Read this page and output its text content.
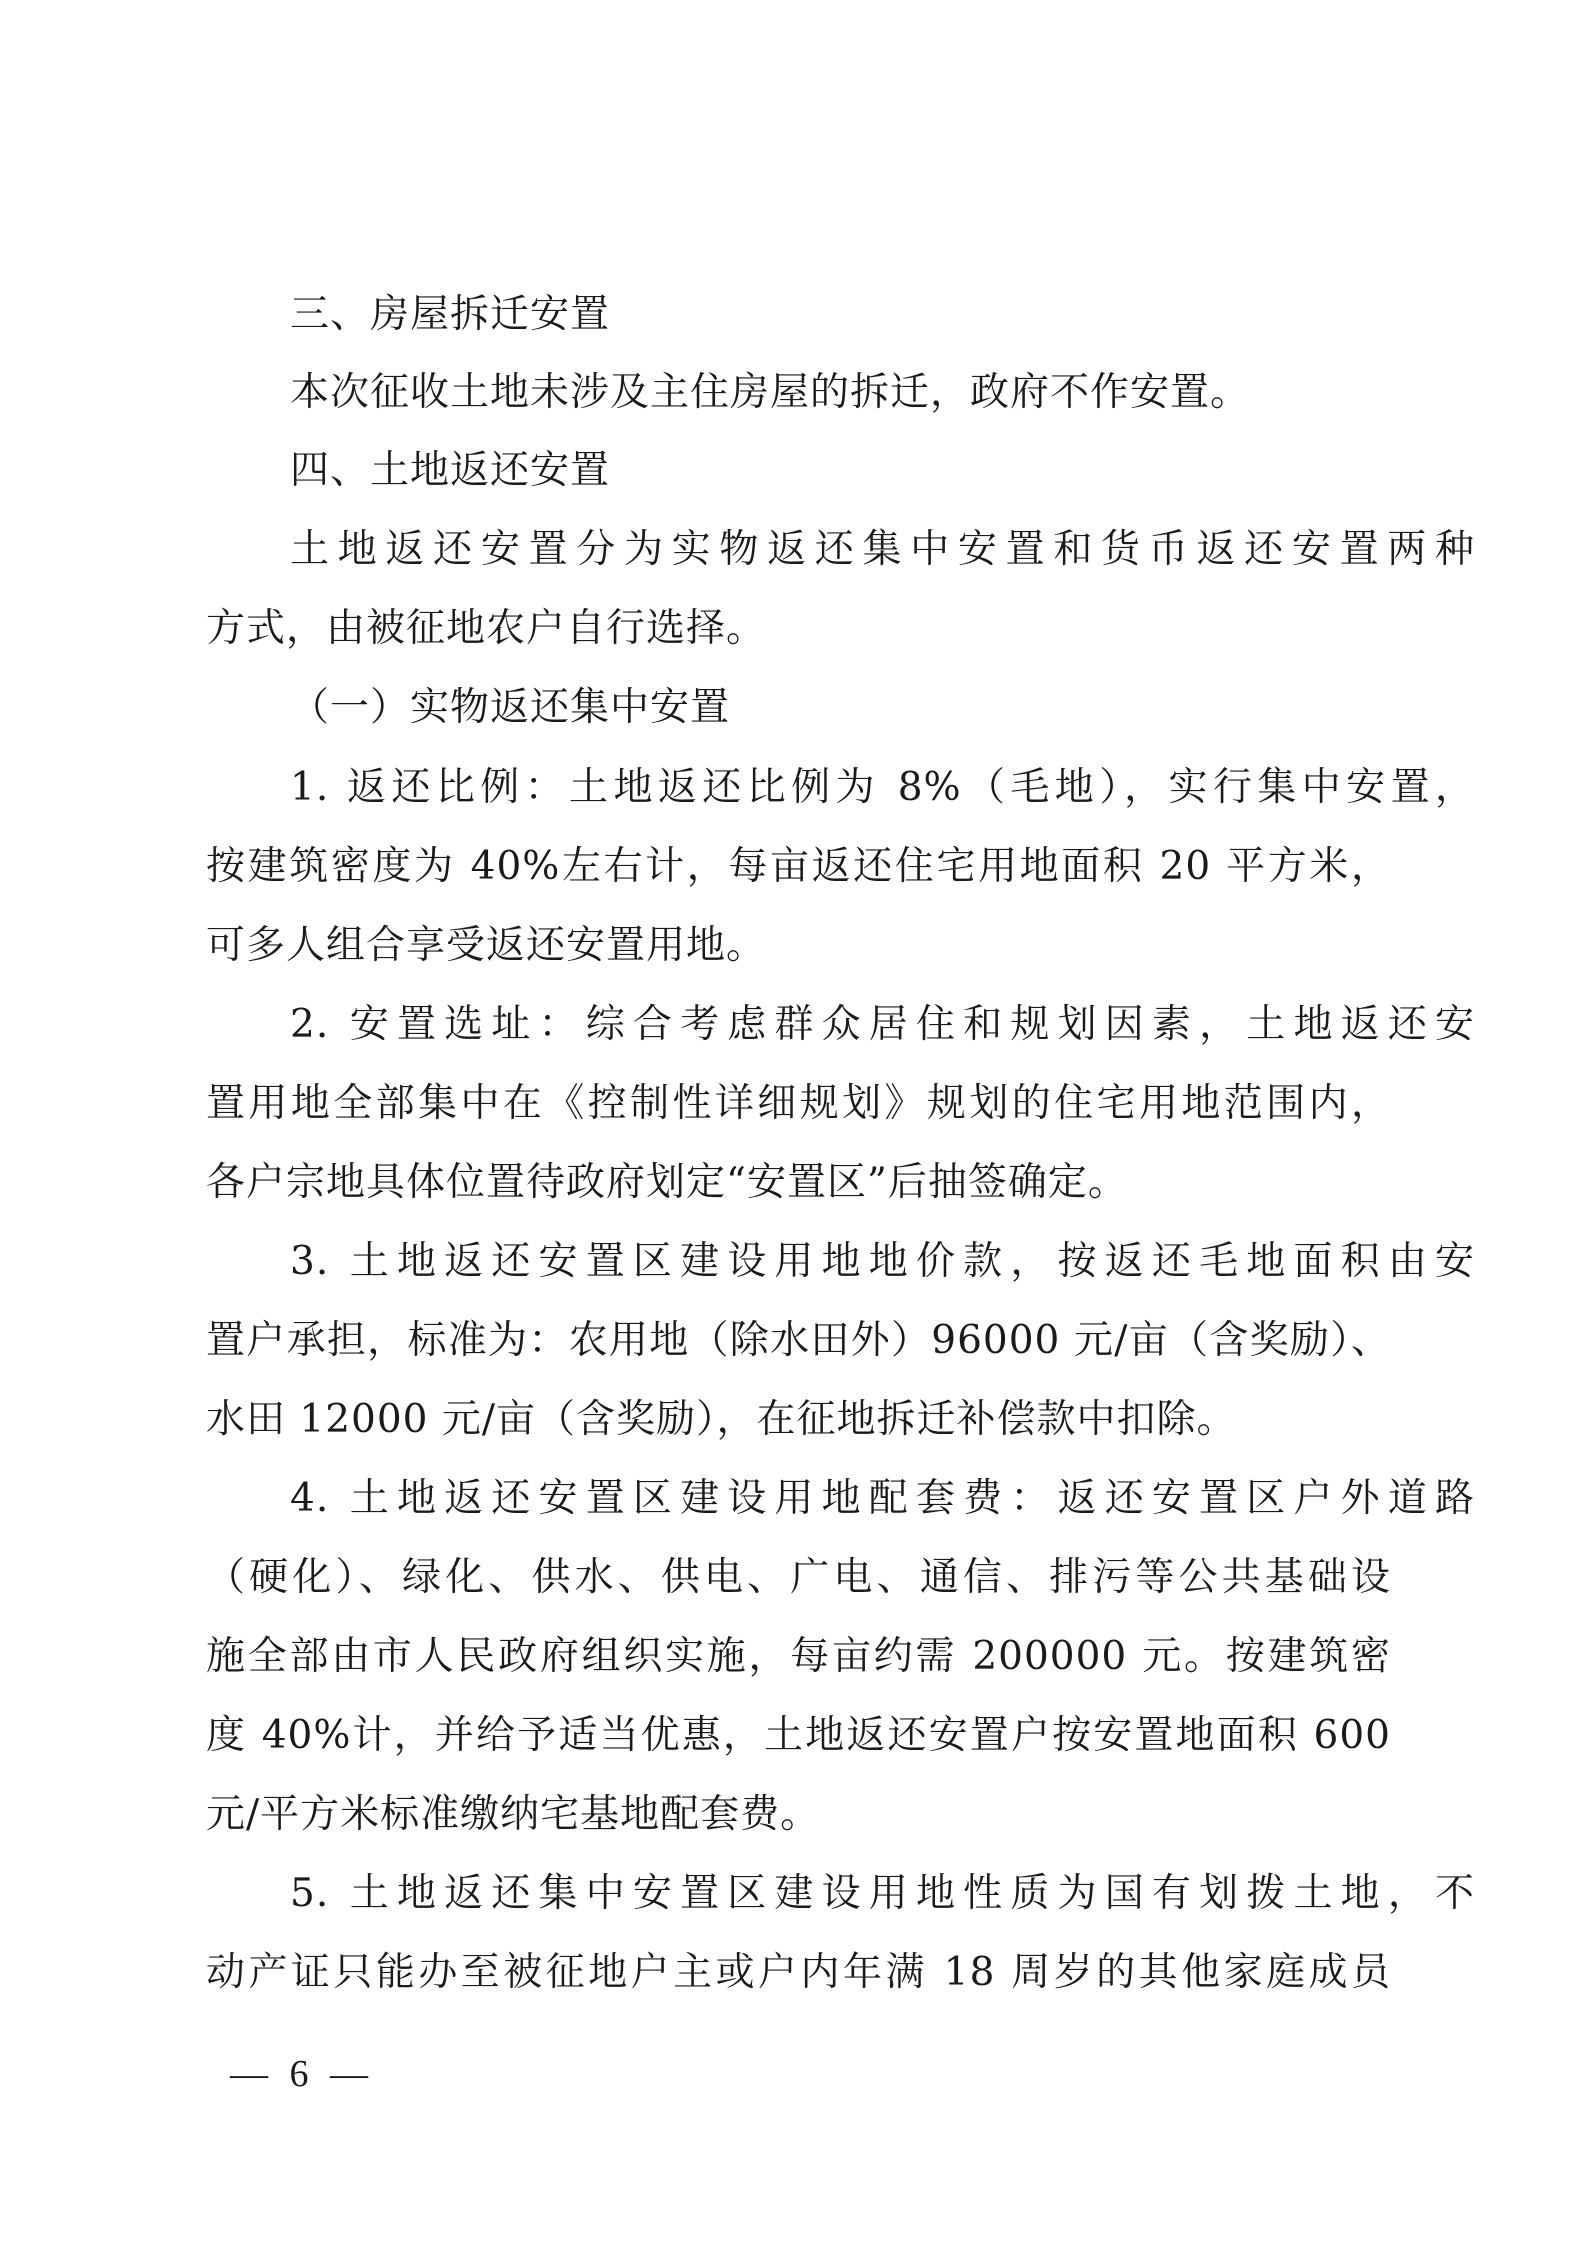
三、房屋拆迁安置
本次征收土地未涉及主住房屋的拆迁，政府不作安置。
四、土地返还安置
土地返还安置分为实物返还集中安置和货币返还安置两种
方式，由被征地农户自行选择。
（一）实物返还集中安置
1. 返还比例：土地返还比例为 8%（毛地），实行集中安置，
按建筑密度为 40%左右计，每亩返还住宅用地面积 20 平方米，
可多人组合享受返还安置用地。
2. 安置选址：综合考虑群众居住和规划因素，土地返还安
置用地全部集中在《控制性详细规划》规划的住宅用地范围内，
各户宗地具体位置待政府划定“安置区”后抽签确定。
3. 土地返还安置区建设用地地价款，按返还毛地面积由安
置户承担，标准为：农用地（除水田外）96000 元/亩（含奖励）、
水田 12000 元/亩（含奖励），在征地拆迁补偿款中扣除。
4. 土地返还安置区建设用地配套费：返还安置区户外道路
（硬化）、绿化、供水、供电、广电、通信、排污等公共基础设
施全部由市人民政府组织实施，每亩约需 200000 元。按建筑密
度 40%计，并给予适当优惠，土地返还安置户按安置地面积 600
元/平方米标准缴纳宅基地配套费。
5. 土地返还集中安置区建设用地性质为国有划拨土地，不
动产证只能办至被征地户主或户内年满 18 周岁的其他家庭成员
— 6 —
